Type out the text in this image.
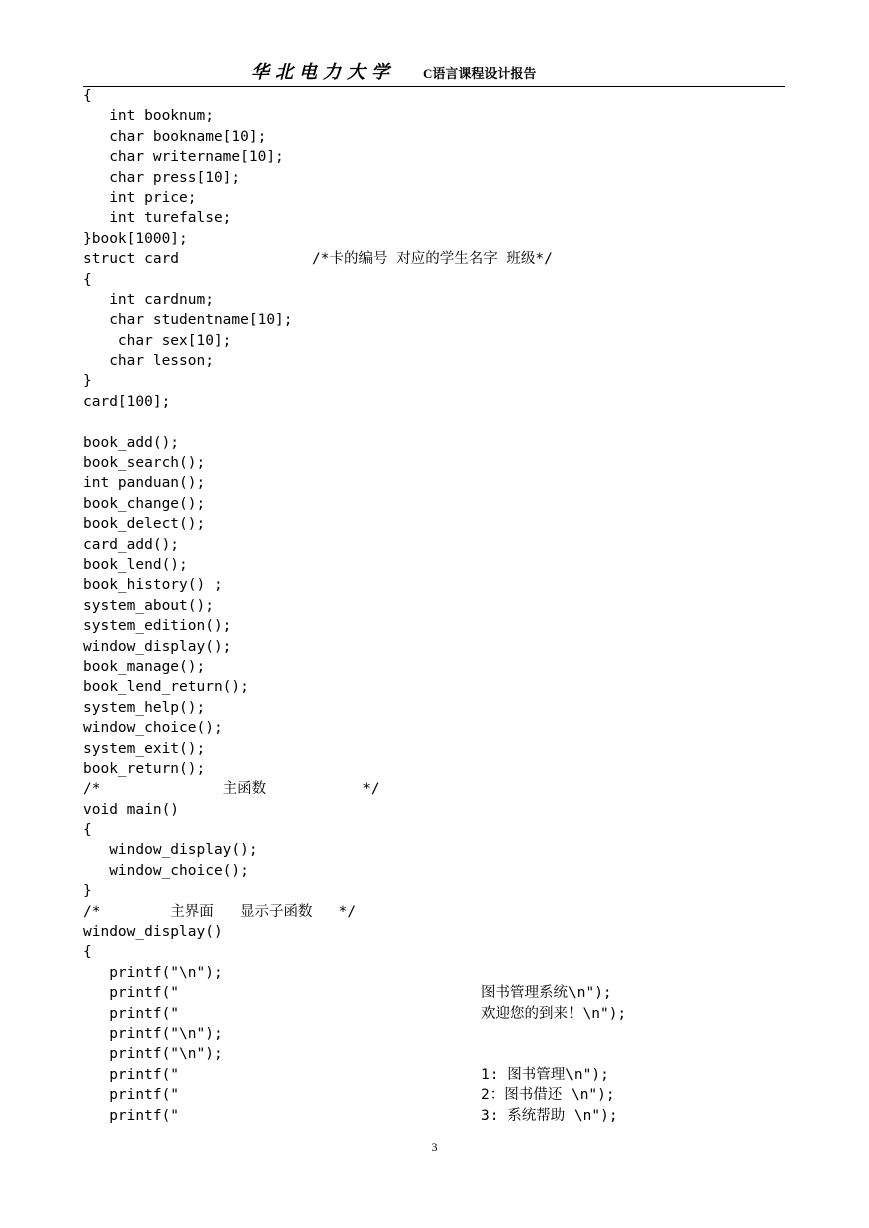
华北电力大学 C语言课程设计报告
{
int booknum;
char bookname[10];
char writername[10];
char press[10];
int price;
int turefalse;
}book[1000];
struct card	/*卡的编号 对应的学生名字 班级*/
{
int cardnum;
char studentname[10];
char sex[10];
char lesson;
}
card[100];
book_add();
book_search();
int panduan();
book_change();
book_delect();
card_add();
book_lend();
book_history() ;
system_about();
system_edition();
window_display();
book_manage();
book_lend_return();
system_help();
window_choice();
system_exit();
book_return();
/*              主函数           */
void main()
{
window_display();
window_choice();
}
/*        主界面   显示子函数   */
window_display()
{
printf("\n");
printf("	图书管理系统\n");
printf("	欢迎您的到来！\n");
printf("\n");
printf("\n");
printf("	1: 图书管理\n");
printf("	2：图书借还 \n");
printf("	3: 系统帮助 \n");
3
